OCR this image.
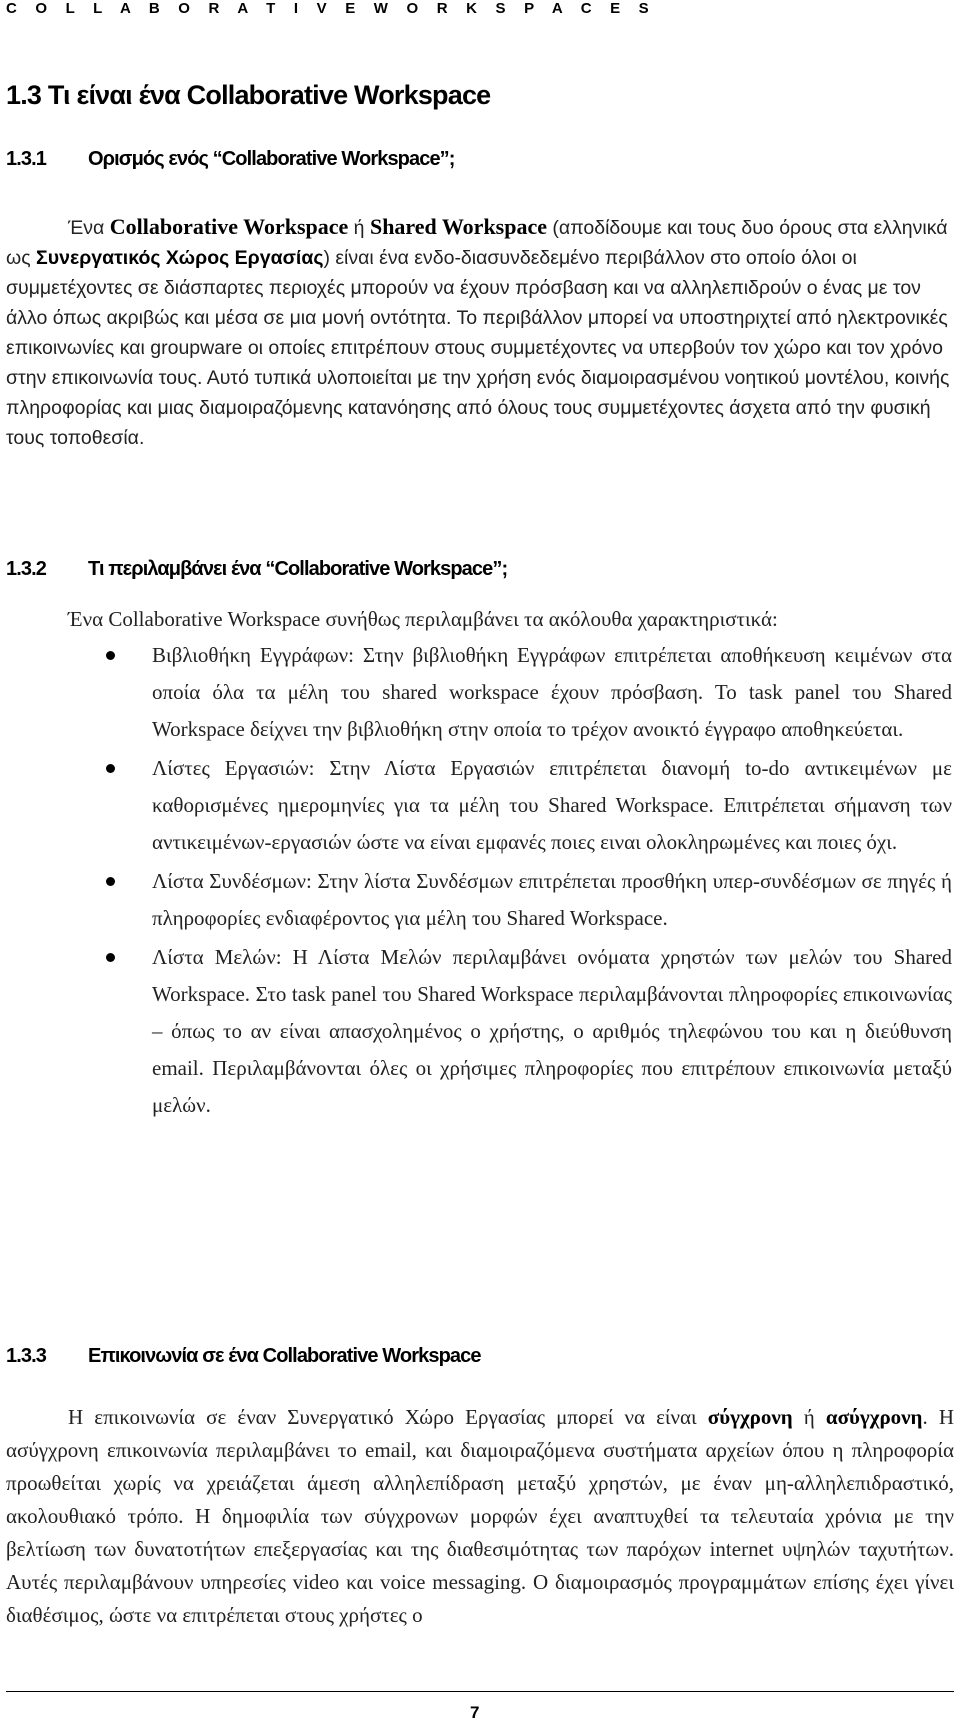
C O L L A B O R A T I V E W O R K S P A C E S
1.3 Τι είναι ένα Collaborative Workspace
1.3.1 Ορισμός ενός “Collaborative Workspace”;
Ένα Collaborative Workspace ή Shared Workspace (αποδίδουμε και τους δυο όρους στα ελληνικά ως Συνεργατικός Χώρος Εργασίας) είναι ένα ενδο-διασυνδεδεμένο περιβάλλον στο οποίο όλοι οι συμμετέχοντες σε διάσπαρτες περιοχές μπορούν να έχουν πρόσβαση και να αλληλεπιδρούν ο ένας με τον άλλο όπως ακριβώς και μέσα σε μια μονή οντότητα. Το περιβάλλον μπορεί να υποστηριχτεί από ηλεκτρονικές επικοινωνίες και groupware οι οποίες επιτρέπουν στους συμμετέχοντες να υπερβούν τον χώρο και τον χρόνο στην επικοινωνία τους. Αυτό τυπικά υλοποιείται με την χρήση ενός διαμοιρασμένου νοητικού μοντέλου, κοινής πληροφορίας και μιας διαμοιραζόμενης κατανόησης από όλους τους συμμετέχοντες άσχετα από την φυσική τους τοποθεσία.
1.3.2 Τι περιλαμβάνει ένα “Collaborative Workspace”;
Ένα Collaborative Workspace συνήθως περιλαμβάνει τα ακόλουθα χαρακτηριστικά:
Βιβλιοθήκη Εγγράφων: Στην βιβλιοθήκη Εγγράφων επιτρέπεται αποθήκευση κειμένων στα οποία όλα τα μέλη του shared workspace έχουν πρόσβαση. Το task panel του Shared Workspace δείχνει την βιβλιοθήκη στην οποία το τρέχον ανοικτό έγγραφο αποθηκεύεται.
Λίστες Εργασιών: Στην Λίστα Εργασιών επιτρέπεται διανομή to-do αντικειμένων με καθορισμένες ημερομηνίες για τα μέλη του Shared Workspace. Επιτρέπεται σήμανση των αντικειμένων-εργασιών ώστε να είναι εμφανές ποιες ειναι ολοκληρωμένες και ποιες όχι.
Λίστα Συνδέσμων: Στην λίστα Συνδέσμων επιτρέπεται προσθήκη υπερ-συνδέσμων σε πηγές ή πληροφορίες ενδιαφέροντος για μέλη του Shared Workspace.
Λίστα Μελών: Η Λίστα Μελών περιλαμβάνει ονόματα χρηστών των μελών του Shared Workspace. Στο task panel του Shared Workspace περιλαμβάνονται πληροφορίες επικοινωνίας – όπως το αν είναι απασχολημένος ο χρήστης, ο αριθμός τηλεφώνου του και η διεύθυνση email. Περιλαμβάνονται όλες οι χρήσιμες πληροφορίες που επιτρέπουν επικοινωνία μεταξύ μελών.
1.3.3 Επικοινωνία σε ένα Collaborative Workspace
Η επικοινωνία σε έναν Συνεργατικό Χώρο Εργασίας μπορεί να είναι σύγχρονη ή ασύγχρονη. Η ασύγχρονη επικοινωνία περιλαμβάνει το email, και διαμοιραζόμενα συστήματα αρχείων όπου η πληροφορία προωθείται χωρίς να χρειάζεται άμεση αλληλεπίδραση μεταξύ χρηστών, με έναν μη-αλληλεπιδραστικό, ακολουθιακό τρόπο. Η δημοφιλία των σύγχρονων μορφών έχει αναπτυχθεί τα τελευταία χρόνια με την βελτίωση των δυνατοτήτων επεξεργασίας και της διαθεσιμότητας των παρόχων internet υψηλών ταχυτήτων. Αυτές περιλαμβάνουν υπηρεσίες video και voice messaging. Ο διαμοιρασμός προγραμμάτων επίσης έχει γίνει διαθέσιμος, ώστε να επιτρέπεται στους χρήστες ο
7
